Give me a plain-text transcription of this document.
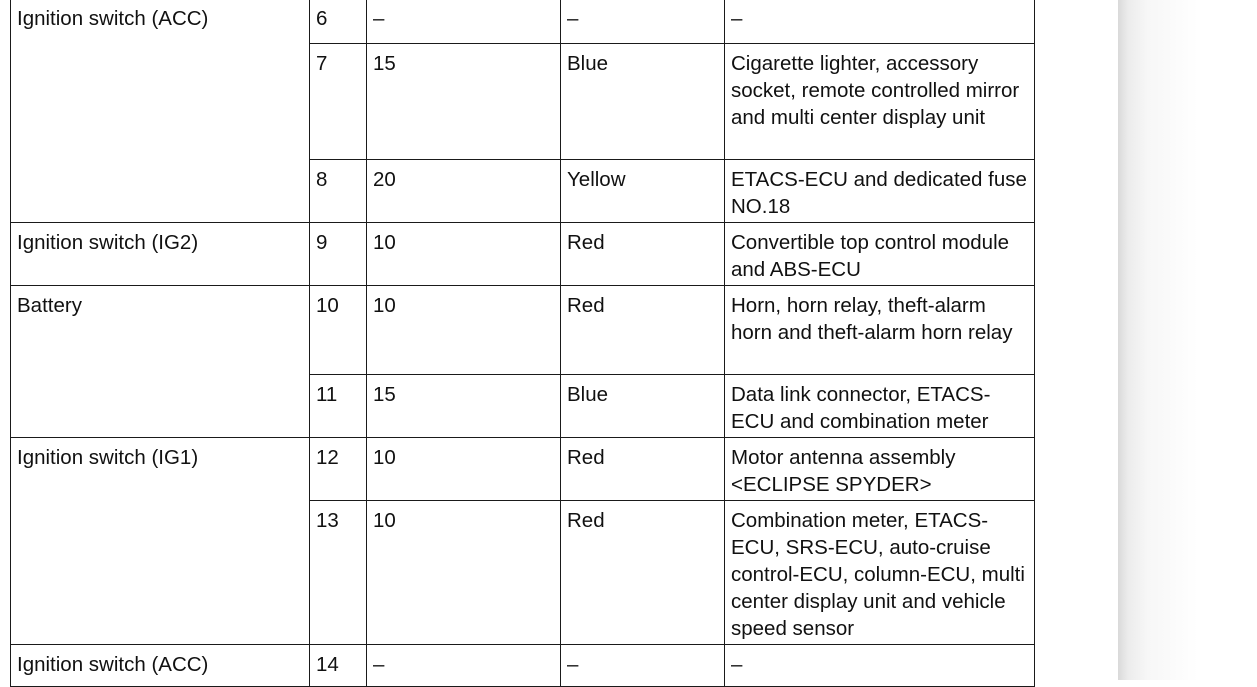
Ignition switch (ACC)	6	–	–	–
	7	15	Blue	Cigarette lighter, accessory socket, remote controlled mirror and multi center display unit
	8	20	Yellow	ETACS-ECU and dedicated fuse NO.18
Ignition switch (IG2)	9	10	Red	Convertible top control module and ABS-ECU
Battery	10	10	Red	Horn, horn relay, theft-alarm horn and theft-alarm horn relay
	11	15	Blue	Data link connector, ETACS-ECU and combination meter
Ignition switch (IG1)	12	10	Red	Motor antenna assembly <ECLIPSE SPYDER>
	13	10	Red	Combination meter, ETACS-ECU, SRS-ECU, auto-cruise control-ECU, column-ECU, multi center display unit and vehicle speed sensor
Ignition switch (ACC)	14	–	–	–
